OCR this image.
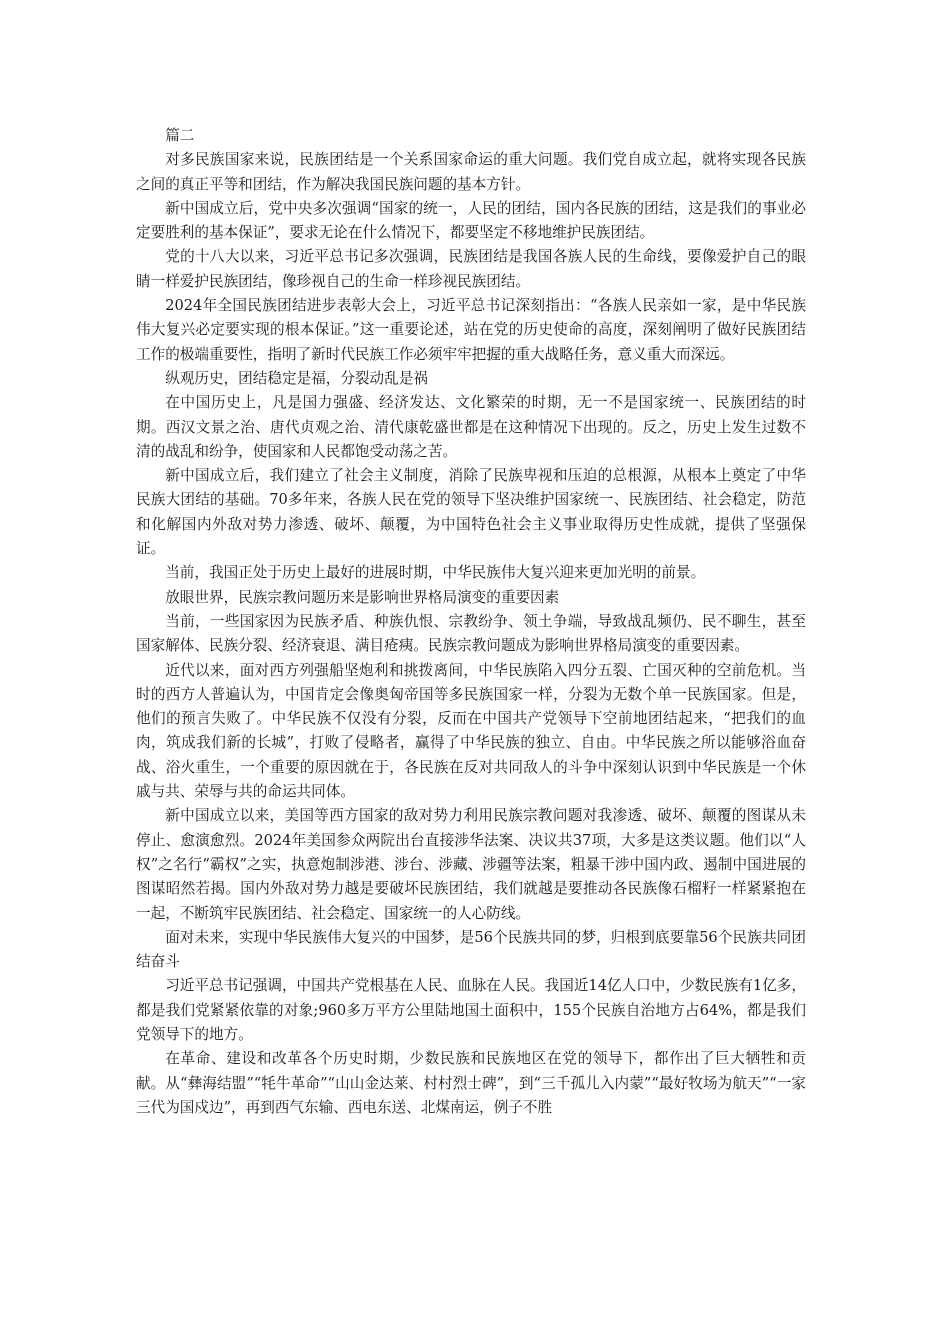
篇二

对多民族国家来说，民族团结是一个关系国家命运的重大问题。我们党自成立起，就将实现各民族之间的真正平等和团结，作为解决我国民族问题的基本方针。

新中国成立后，党中央多次强调“国家的统一，人民的团结，国内各民族的团结，这是我们的事业必定要胜利的基本保证”，要求无论在什么情况下，都要坚定不移地维护民族团结。

党的十八大以来，习近平总书记多次强调，民族团结是我国各族人民的生命线，要像爱护自己的眼睛一样爱护民族团结，像珍视自己的生命一样珍视民族团结。

2024年全国民族团结进步表彰大会上，习近平总书记深刻指出：“各族人民亲如一家，是中华民族伟大复兴必定要实现的根本保证。”这一重要论述，站在党的历史使命的高度，深刻阐明了做好民族团结工作的极端重要性，指明了新时代民族工作必须牢牢把握的重大战略任务，意义重大而深远。

纵观历史，团结稳定是福，分裂动乱是祸

在中国历史上，凡是国力强盛、经济发达、文化繁荣的时期，无一不是国家统一、民族团结的时期。西汉文景之治、唐代贞观之治、清代康乾盛世都是在这种情况下出现的。反之，历史上发生过数不清的战乱和纷争，使国家和人民都饱受动荡之苦。

新中国成立后，我们建立了社会主义制度，消除了民族卑视和压迫的总根源，从根本上奠定了中华民族大团结的基础。70多年来，各族人民在党的领导下坚决维护国家统一、民族团结、社会稳定，防范和化解国内外敌对势力渗透、破坏、颠覆，为中国特色社会主义事业取得历史性成就，提供了坚强保证。

当前，我国正处于历史上最好的进展时期，中华民族伟大复兴迎来更加光明的前景。

放眼世界，民族宗教问题历来是影响世界格局演变的重要因素

当前，一些国家因为民族矛盾、种族仇恨、宗教纷争、领土争端，导致战乱频仍、民不聊生，甚至国家解体、民族分裂、经济衰退、满目疮痍。民族宗教问题成为影响世界格局演变的重要因素。

近代以来，面对西方列强船坚炮利和挑拨离间，中华民族陷入四分五裂、亡国灭种的空前危机。当时的西方人普遍认为，中国肯定会像奥匈帝国等多民族国家一样，分裂为无数个单一民族国家。但是，他们的预言失败了。中华民族不仅没有分裂，反而在中国共产党领导下空前地团结起来，“把我们的血肉，筑成我们新的长城”，打败了侵略者，赢得了中华民族的独立、自由。中华民族之所以能够浴血奋战、浴火重生，一个重要的原因就在于，各民族在反对共同敌人的斗争中深刻认识到中华民族是一个休戚与共、荣辱与共的命运共同体。

新中国成立以来，美国等西方国家的敌对势力利用民族宗教问题对我渗透、破坏、颠覆的图谋从未停止、愈演愈烈。2024年美国参众两院出台直接涉华法案、决议共37项，大多是这类议题。他们以“人权”之名行“霸权”之实，执意炮制涉港、涉台、涉藏、涉疆等法案，粗暴干涉中国内政、遏制中国进展的图谋昭然若揭。国内外敌对势力越是要破坏民族团结，我们就越是要推动各民族像石榴籽一样紧紧抱在一起，不断筑牢民族团结、社会稳定、国家统一的人心防线。

面对未来，实现中华民族伟大复兴的中国梦，是56个民族共同的梦，归根到底要靠56个民族共同团结奋斗

习近平总书记强调，中国共产党根基在人民、血脉在人民。我国近14亿人口中，少数民族有1亿多，都是我们党紧紧依靠的对象;960多万平方公里陆地国土面积中，155个民族自治地方占64%，都是我们党领导下的地方。

在革命、建设和改革各个历史时期，少数民族和民族地区在党的领导下，都作出了巨大牺牲和贡献。从“彝海结盟”“牦牛革命”“山山金达莱、村村烈士碑”，到“三千孤儿入内蒙”“最好牧场为航天”“一家三代为国戍边”，再到西气东输、西电东送、北煤南运，例子不胜
